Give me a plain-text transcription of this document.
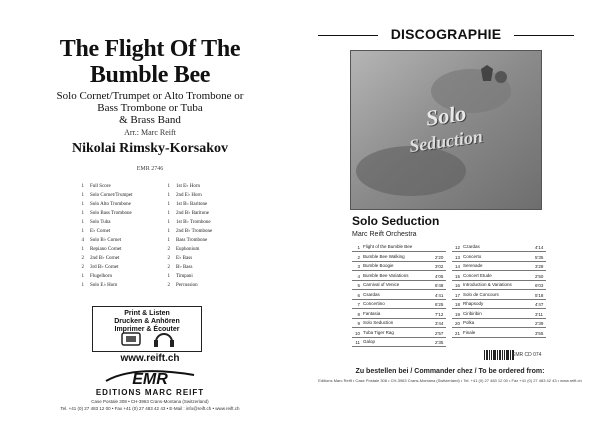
The Flight Of The
Bumble Bee
Solo Cornet/Trumpet or Alto Trombone or
Bass Trombone or Tuba
& Brass Band
Arr.: Marc Reift
Nikolai Rimsky-Korsakov
EMR 2746
1 Full Score
1 Solo Cornet/Trumpet
1 Solo Alto Trombone
1 Solo Bass Trombone
1 Solo Tuba
1 E♭ Cornet
4 Solo B♭ Cornet
1 Repiano Cornet
2 2nd B♭ Cornet
2 3rd B♭ Cornet
1 Flugelhorn
1 Solo E♭ Horn
1 1st E♭ Horn
1 2nd E♭ Horn
1 1st B♭ Baritone
1 2nd B♭ Baritone
1 1st B♭ Trombone
1 2nd B♭ Trombone
1 Bass Trombone
2 Euphonium
2 E♭ Bass
2 B♭ Bass
1 Timpani
2 Percussion
Print & Listen
Drucken & Anhören
Imprimer & Écouter
www.reift.ch
EMR
EDITIONS MARC REIFT
Case Postale 308 • CH-3963 Crans-Montana (Switzerland)
Tel. +41 (0) 27 483 12 00 • Fax +41 (0) 27 483 42 43 • E-Mail : info@reift.ch • www.reift.ch
DISCOGRAPHIE
Solo
Seduction
Solo Seduction
Marc Reift Orchestra
1 Flight of the Bumble Bee
2 Bumble Bee Walking	2'20
3 Bumble Boogie	3'02
4 Bumble Bee Variations	4'05
5 Carnival of Venice	6'48
6 Csardas	4'41
7 Concertino	6'25
8 Fantasia	7'12
9 Solo Seduction	3'44
10 Tuba Tiger Rag	2'57
11 Galop	2'35
12 Czardas	4'14
13 Concerto	5'35
14 Serenade	3'28
15 Concert Etude	2'50
16 Introduction & Variations	6'03
17 Solo de Concours	5'18
18 Rhapsody	4'47
19 Ciribiribin	3'11
20 Polka	2'39
21 Finale	3'55
EMR CD 074
Zu bestellen bei / Commander chez / To be ordered from:
Editions Marc Reift • Case Postale 308 • CH-3963 Crans-Montana (Switzerland) • Tel. +41 (0) 27 483 12 00 • Fax +41 (0) 27 483 42 43 • www.reift.ch
